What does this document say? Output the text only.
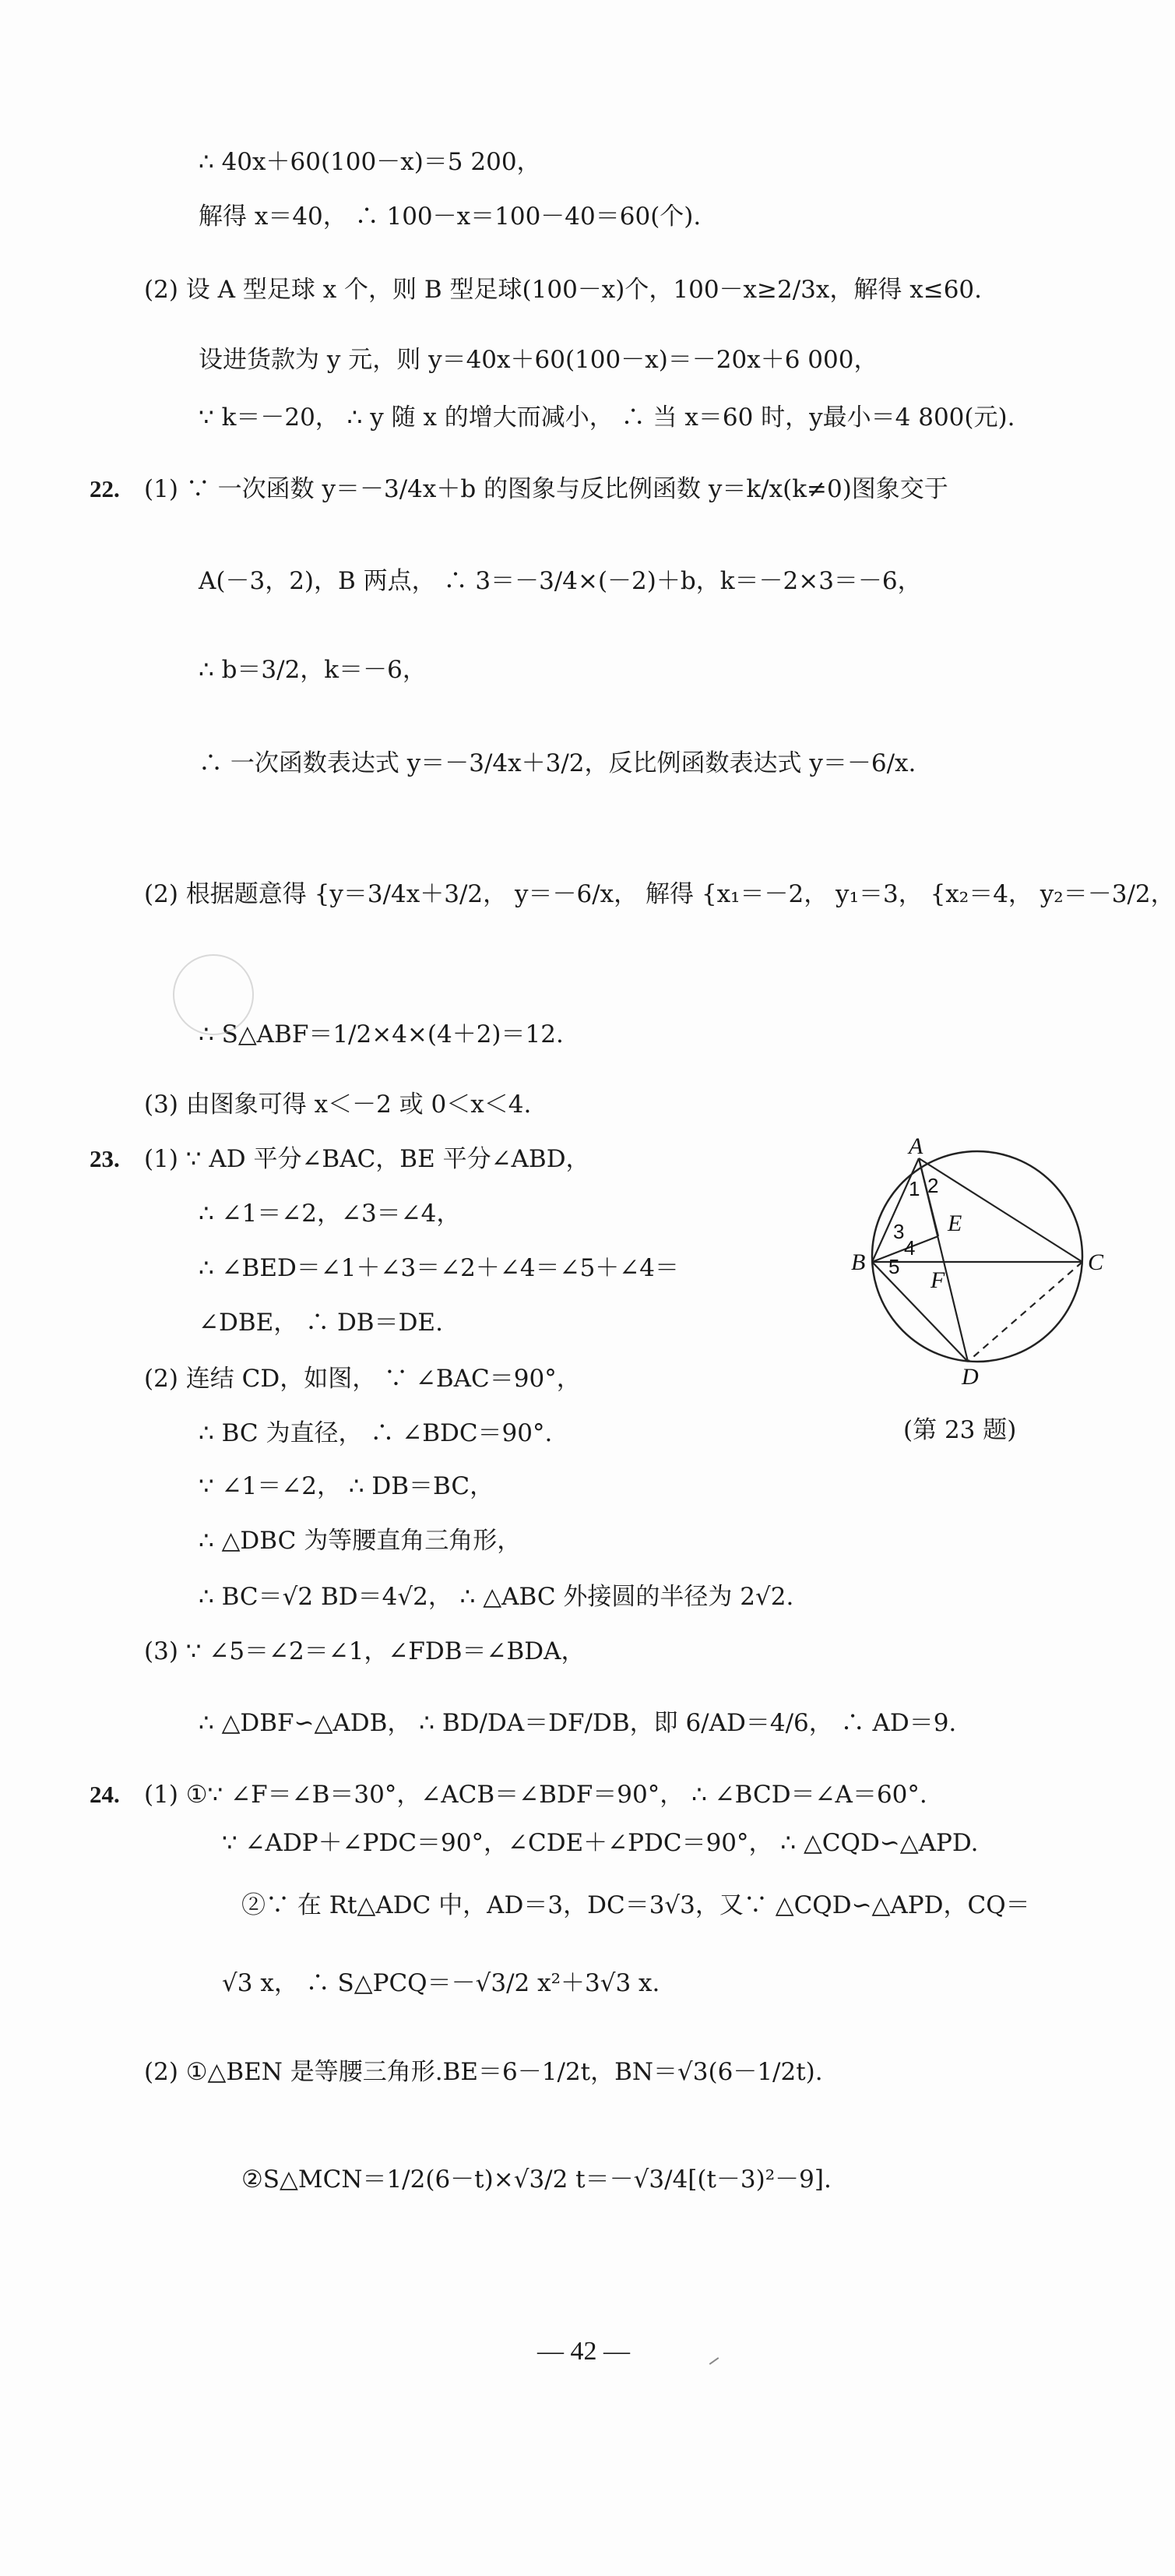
∴ 40x＋60(100－x)＝5 200，
解得 x＝40， ∴ 100－x＝100－40＝60(个).
(2) 设 A 型足球 x 个，则 B 型足球(100－x)个，100－x≥2/3x，解得 x≤60.
设进货款为 y 元，则 y＝40x＋60(100－x)＝－20x＋6 000，
∵ k＝－20， ∴ y 随 x 的增大而减小， ∴ 当 x＝60 时，y最小＝4 800(元).
22. (1) ∵ 一次函数 y＝－3/4x＋b 的图象与反比例函数 y＝k/x(k≠0)图象交于
A(－3，2)，B 两点， ∴ 3＝－3/4×(－2)＋b，k＝－2×3＝－6，
∴ b＝3/2，k＝－6，
∴ 一次函数表达式 y＝－3/4x＋3/2，反比例函数表达式 y＝－6/x.
(2) 根据题意得 {y＝3/4x＋3/2， y＝－6/x， 解得 {x₁＝－2， y₁＝3， {x₂＝4， y₂＝－3/2，
∴ S△ABF＝1/2×4×(4＋2)＝12.
(3) 由图象可得 x＜－2 或 0＜x＜4.
23. (1) ∵ AD 平分∠BAC，BE 平分∠ABD，
∴ ∠1＝∠2，∠3＝∠4，
∴ ∠BED＝∠1＋∠3＝∠2＋∠4＝∠5＋∠4＝
∠DBE， ∴ DB＝DE.
(2) 连结 CD，如图， ∵ ∠BAC＝90°，
∴ BC 为直径， ∴ ∠BDC＝90°.
∵ ∠1＝∠2， ∴ DB＝BC，
∴ △DBC 为等腰直角三角形，
∴ BC＝√2 BD＝4√2， ∴ △ABC 外接圆的半径为 2√2.
(3) ∵ ∠5＝∠2＝∠1，∠FDB＝∠BDA，
∴ △DBF∽△ADB， ∴ BD/DA＝DF/DB，即 6/AD＝4/6， ∴ AD＝9.
24. (1) ①∵ ∠F＝∠B＝30°，∠ACB＝∠BDF＝90°， ∴ ∠BCD＝∠A＝60°.
∵ ∠ADP＋∠PDC＝90°，∠CDE＋∠PDC＝90°， ∴ △CQD∽△APD.
②∵ 在 Rt△ADC 中，AD＝3，DC＝3√3，又∵ △CQD∽△APD，CQ＝
√3 x， ∴ S△PCQ＝－√3/2 x²＋3√3 x.
(2) ①△BEN 是等腰三角形.BE＝6－1/2t，BN＝√3(6－1/2t).
②S△MCN＝1/2(6－t)×√3/2 t＝－√3/4[(t－3)²－9].
A
B	C
D
E
F
1 2
3
4
5
(第 23 题)
— 42 —
